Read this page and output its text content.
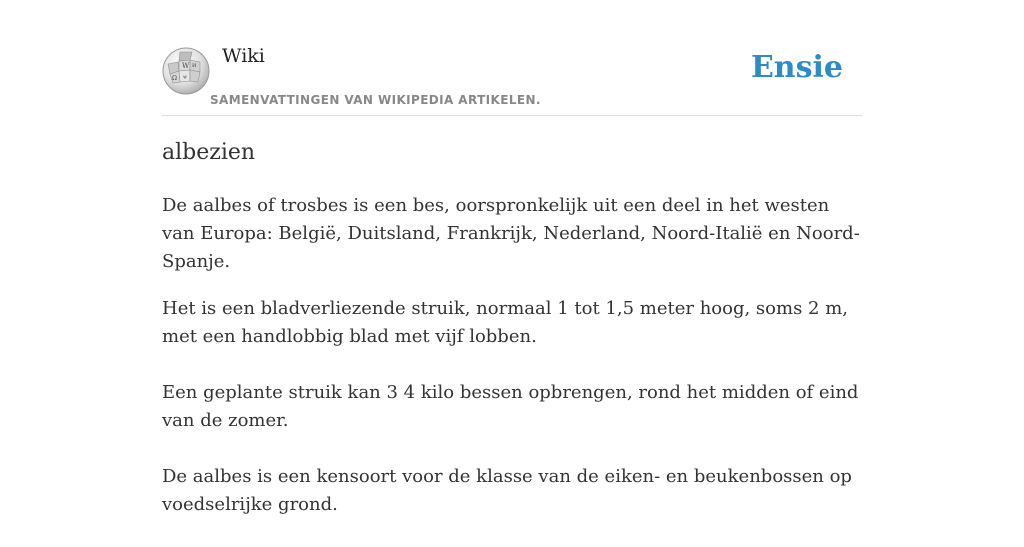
W
Ω
И
ψ
Wiki
SAMENVATTINGEN VAN WIKIPEDIA ARTIKELEN.
Ensie
albezien

De aalbes of trosbes is een bes, oorspronkelijk uit een deel in het westen van Europa: België, Duitsland, Frankrijk, Nederland, Noord-Italië en Noord-Spanje.

Het is een bladverliezende struik, normaal 1 tot 1,5 meter hoog, soms 2 m, met een handlobbig blad met vijf lobben.

Een geplante struik kan 3 4 kilo bessen opbrengen, rond het midden of eind van de zomer.

De aalbes is een kensoort voor de klasse van de eiken- en beukenbossen op voedselrijke grond.
